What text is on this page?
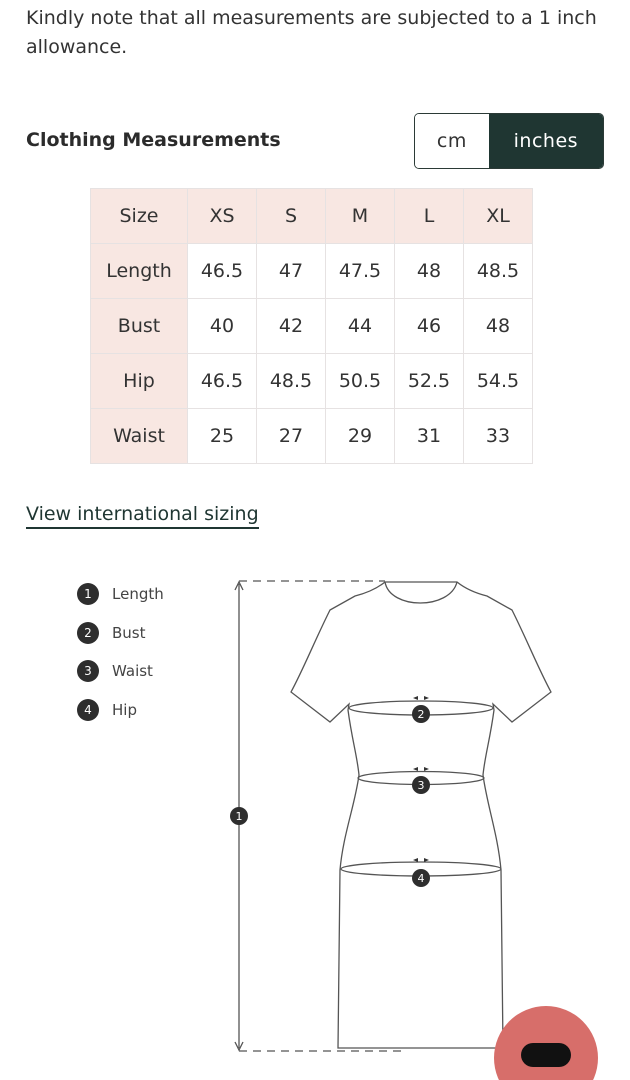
Kindly note that all measurements are subjected to a 1 inch allowance.
Clothing Measurements	cm	inches
Size	XS	S	M	L	XL
Length	46.5	47	47.5	48	48.5
Bust	40	42	44	46	48
Hip	46.5	48.5	50.5	52.5	54.5
Waist	25	27	29	31	33
View international sizing
1	Length
2	Bust
3	Waist
4	Hip
1
2
3
4
